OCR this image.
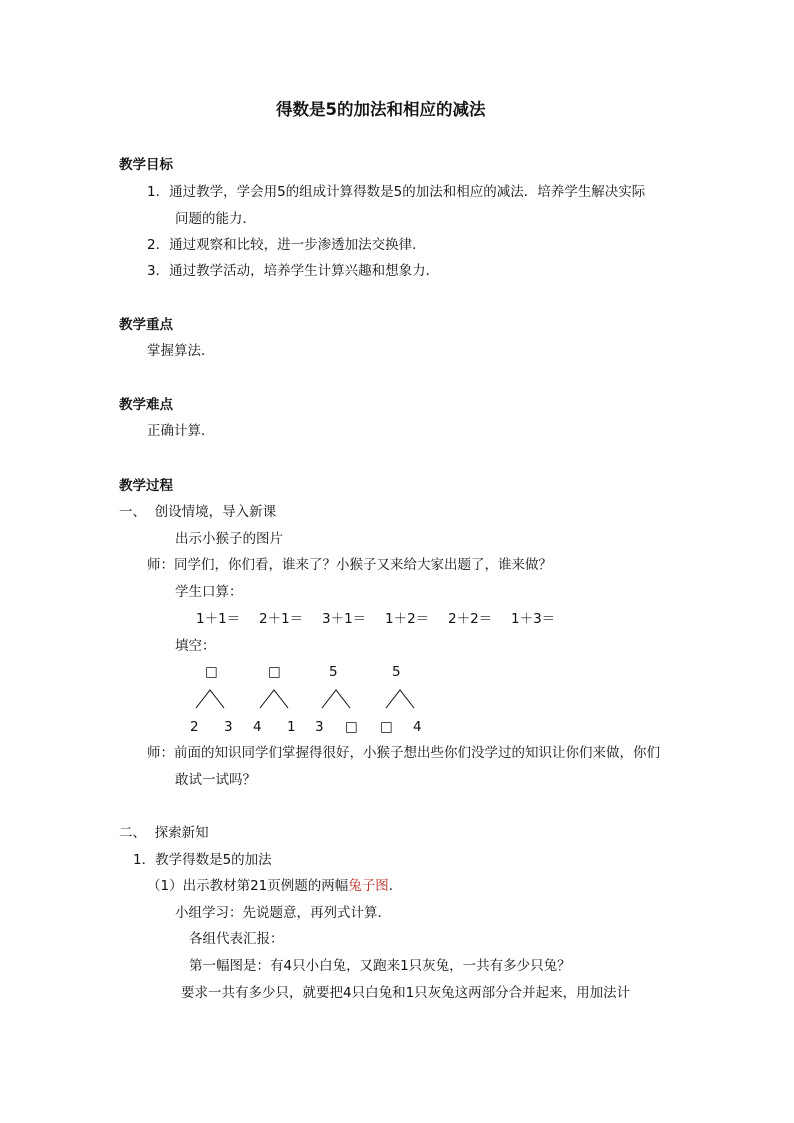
得数是5的加法和相应的减法
教学目标
1．通过教学，学会用5的组成计算得数是5的加法和相应的减法．培养学生解决实际
问题的能力．
2．通过观察和比较，进一步渗透加法交换律．
3．通过教学活动，培养学生计算兴趣和想象力．
教学重点
掌握算法．
教学难点
正确计算．
教学过程
一、  创设情境，导入新课
出示小猴子的图片
师：同学们，你们看，谁来了？小猴子又来给大家出题了，谁来做？
学生口算：
1＋1＝ 2＋1＝ 3＋1＝ 1＋2＝ 2＋2＝ 1＋3＝
填空：
□	□	5	5
2 3 4 1 3 □ □ 4
师：前面的知识同学们掌握得很好，小猴子想出些你们没学过的知识让你们来做，你们
敢试一试吗？
二、  探索新知
1．教学得数是5的加法
（1）出示教材第21页例题的两幅兔子图．
小组学习：先说题意，再列式计算．
各组代表汇报：
第一幅图是：有4只小白兔，又跑来1只灰兔，一共有多少只兔？
要求一共有多少只，就要把4只白兔和1只灰兔这两部分合并起来，用加法计
